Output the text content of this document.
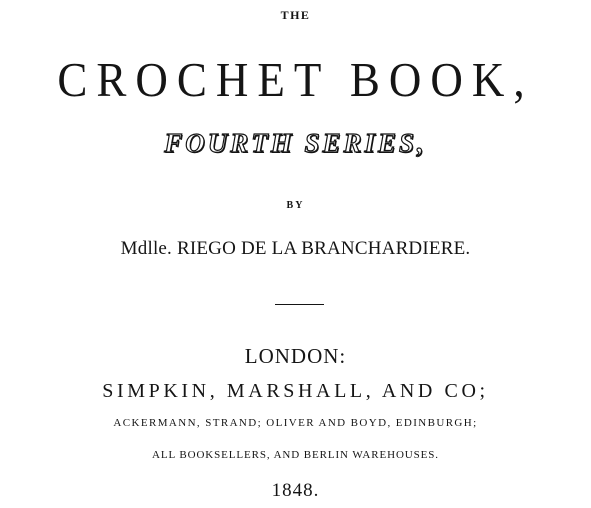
THE
CROCHET BOOK,
FOURTH SERIES,
BY
Mdlle. RIEGO DE LA BRANCHARDIERE.
LONDON:
SIMPKIN, MARSHALL, AND CO;
ACKERMANN, STRAND; OLIVER AND BOYD, EDINBURGH;
ALL BOOKSELLERS, AND BERLIN WAREHOUSES.
1848.
